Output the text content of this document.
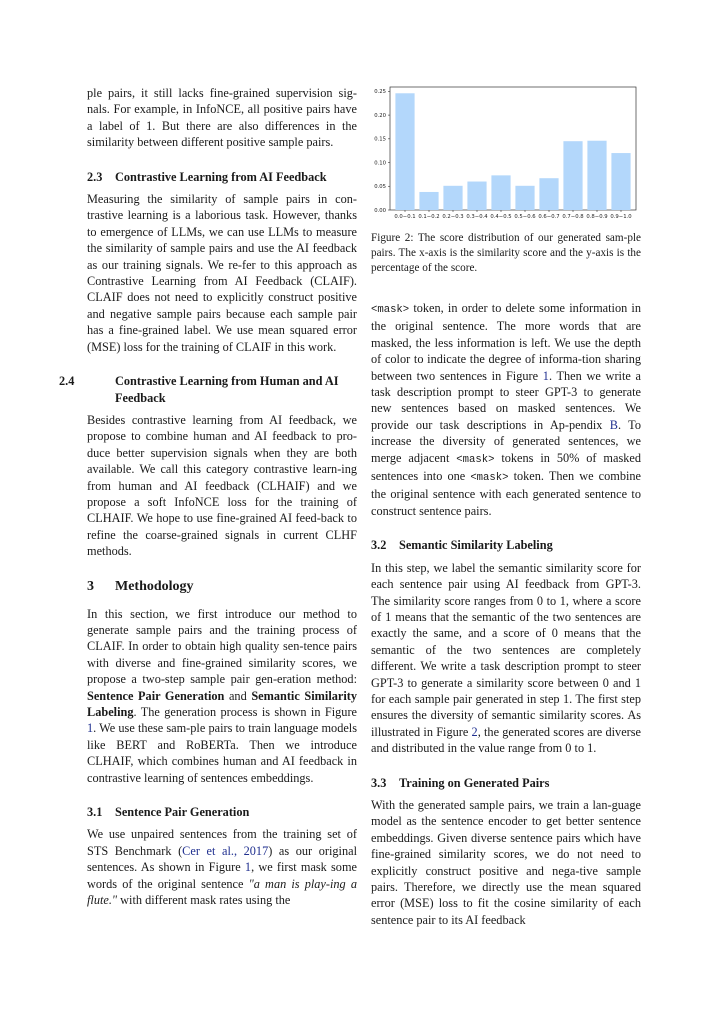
ple pairs, it still lacks fine-grained supervision sig-nals. For example, in InfoNCE, all positive pairs have a label of 1. But there are also differences in the similarity between different positive sample pairs.

2.3 Contrastive Learning from AI Feedback

Measuring the similarity of sample pairs in con-trastive learning is a laborious task. However, thanks to emergence of LLMs, we can use LLMs to measure the similarity of sample pairs and use the AI feedback as our training signals. We re-fer to this approach as Contrastive Learning from AI Feedback (CLAIF). CLAIF does not need to explicitly construct positive and negative sample pairs because each sample pair has a fine-grained label. We use mean squared error (MSE) loss for the training of CLAIF in this work.

2.4	Contrastive Learning from Human and AI Feedback

Besides contrastive learning from AI feedback, we propose to combine human and AI feedback to pro-duce better supervision signals when they are both available. We call this category contrastive learn-ing from human and AI feedback (CLHAIF) and we propose a soft InfoNCE loss for the training of CLHAIF. We hope to use fine-grained AI feed-back to refine the coarse-grained signals in current CLHF methods.

3 Methodology

In this section, we first introduce our method to generate sample pairs and the training process of CLAIF. In order to obtain high quality sen-tence pairs with diverse and fine-grained similarity scores, we propose a two-step sample pair gen-eration method: Sentence Pair Generation and Semantic Similarity Labeling. The generation process is shown in Figure 1. We use these sam-ple pairs to train language models like BERT and RoBERTa. Then we introduce CLHAIF, which combines human and AI feedback in contrastive learning of sentences embeddings.

3.1 Sentence Pair Generation

We use unpaired sentences from the training set of STS Benchmark (Cer et al., 2017) as our original sentences. As shown in Figure 1, we first mask some words of the original sentence "a man is play-ing a flute." with different mask rates using the

0.00
0.05
0.10
0.15
0.20
0.25
0.0−0.1 0.1−0.2 0.2−0.3 0.3−0.4 0.4−0.5 0.5−0.6 0.6−0.7 0.7−0.8 0.8−0.9 0.9−1.0
Figure 2: The score distribution of our generated sam-ple pairs. The x-axis is the similarity score and the y-axis is the percentage of the score.

<mask> token, in order to delete some information in the original sentence. The more words that are masked, the less information is left. We use the depth of color to indicate the degree of informa-tion sharing between two sentences in Figure 1. Then we write a task description prompt to steer GPT-3 to generate new sentences based on masked sentences. We provide our task descriptions in Ap-pendix B. To increase the diversity of generated sentences, we merge adjacent <mask> tokens in 50% of masked sentences into one <mask> token. Then we combine the original sentence with each generated sentence to construct sentence pairs.

3.2 Semantic Similarity Labeling

In this step, we label the semantic similarity score for each sentence pair using AI feedback from GPT-3. The similarity score ranges from 0 to 1, where a score of 1 means that the semantic of the two sentences are exactly the same, and a score of 0 means that the semantic of the two sentences are completely different. We write a task description prompt to steer GPT-3 to generate a similarity score between 0 and 1 for each sample pair generated in step 1. The first step ensures the diversity of semantic similarity scores. As illustrated in Figure 2, the generated scores are diverse and distributed in the value range from 0 to 1.

3.3 Training on Generated Pairs

With the generated sample pairs, we train a lan-guage model as the sentence encoder to get better sentence embeddings. Given diverse sentence pairs which have fine-grained similarity scores, we do not need to explicitly construct positive and nega-tive sample pairs. Therefore, we directly use the mean squared error (MSE) loss to fit the cosine similarity of each sentence pair to its AI feedback
